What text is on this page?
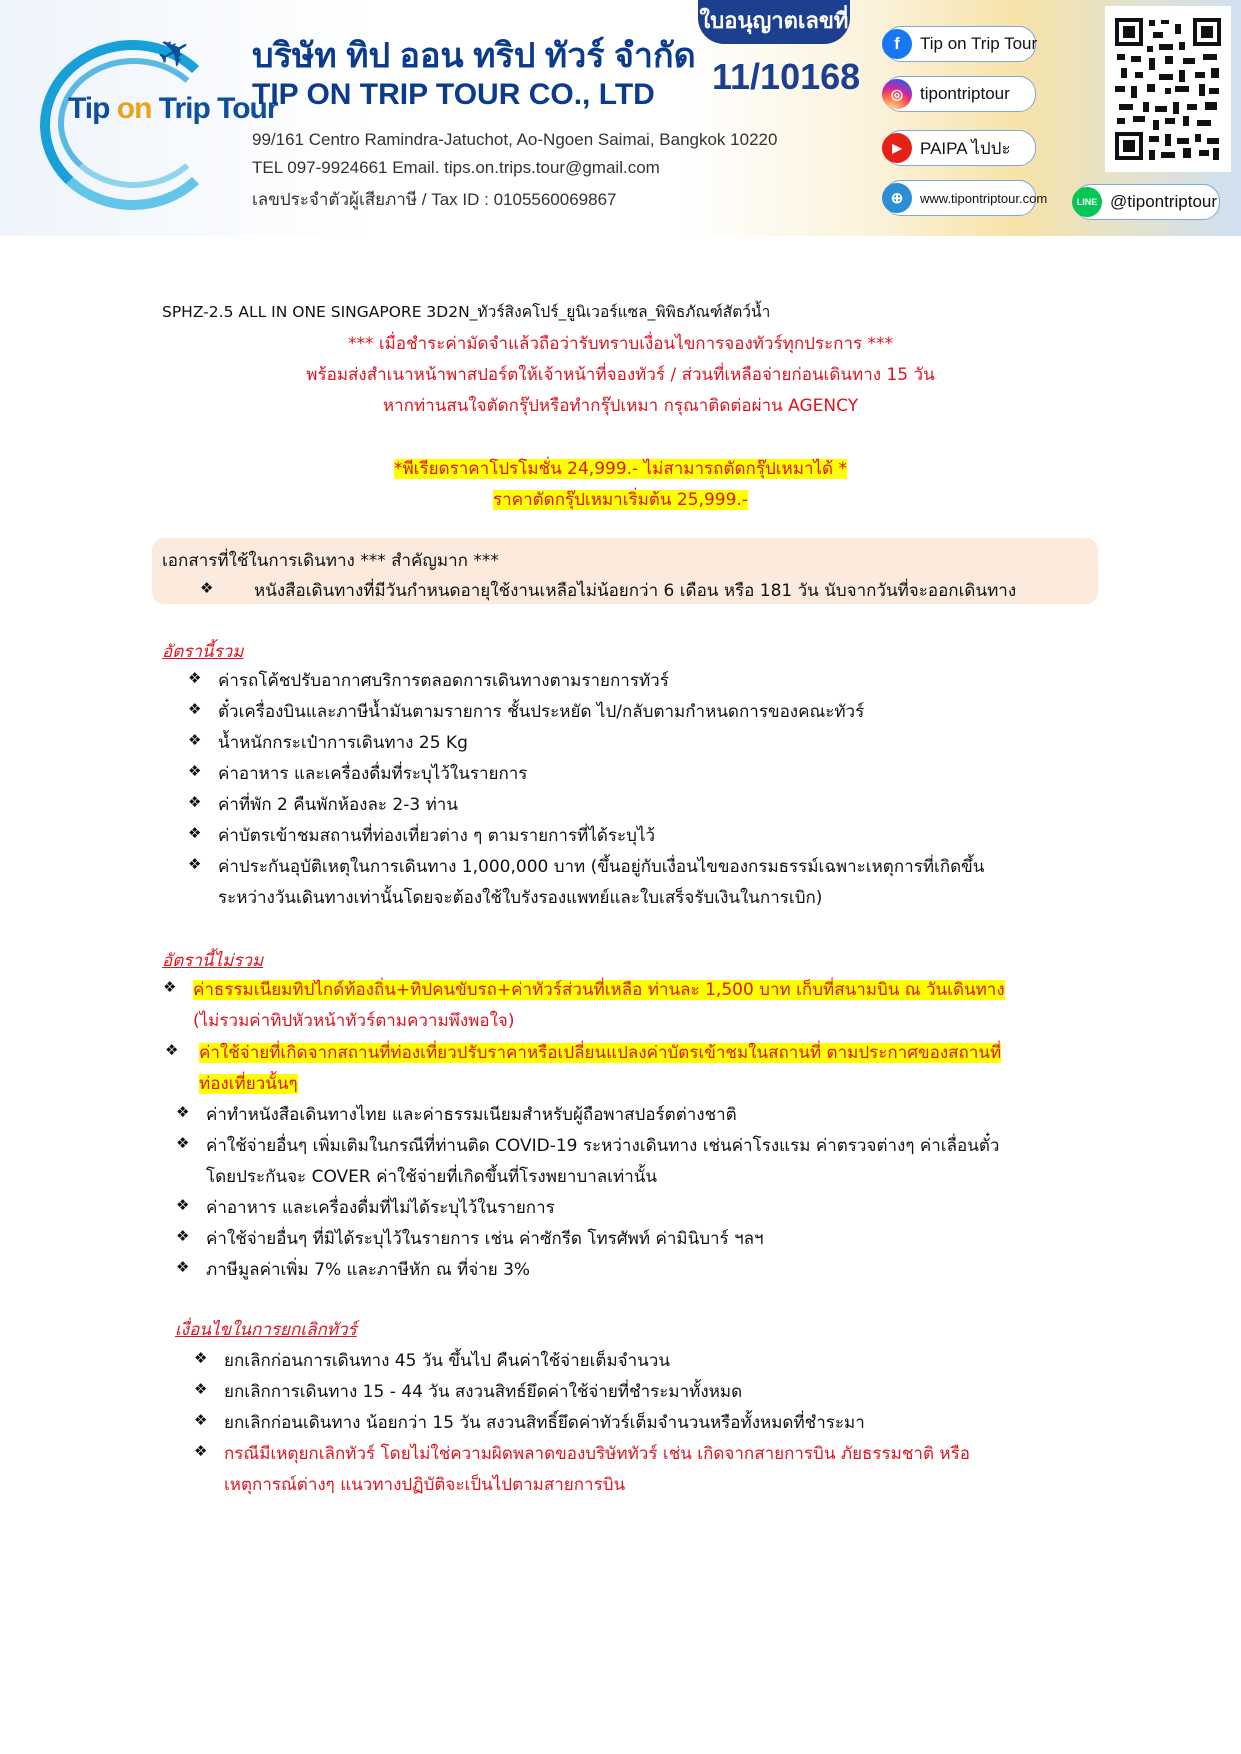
✈
Tip on Trip Tour
บริษัท ทิป ออน ทริป ทัวร์ จำกัด
TIP ON TRIP TOUR CO., LTD
99/161 Centro Ramindra-Jatuchot, Ao-Ngoen Saimai, Bangkok 10220
TEL 097-9924661 Email. tips.on.trips.tour@gmail.com
เลขประจำตัวผู้เสียภาษี / Tax ID : 0105560069867
ใบอนุญาตเลขที่
11/10168
f	Tip on Trip Tour
◎ tipontriptour
▶	PAIPA ไปปะ
⊕	www.tipontriptour.com	LINE @tipontriptour
SPHZ-2.5 ALL IN ONE SINGAPORE 3D2N_ทัวร์สิงคโปร์_ยูนิเวอร์แซล_พิพิธภัณฑ์สัตว์น้ำ
*** เมื่อชำระค่ามัดจำแล้วถือว่ารับทราบเงื่อนไขการจองทัวร์ทุกประการ ***
พร้อมส่งสำเนาหน้าพาสปอร์ตให้เจ้าหน้าที่จองทัวร์ / ส่วนที่เหลือจ่ายก่อนเดินทาง 15 วัน
หากท่านสนใจตัดกรุ๊ปหรือทำกรุ๊ปเหมา กรุณาติดต่อผ่าน AGENCY
*พีเรียดราคาโปรโมชั่น 24,999.- ไม่สามารถตัดกรุ๊ปเหมาได้ *
ราคาตัดกรุ๊ปเหมาเริ่มต้น 25,999.-
เอกสารที่ใช้ในการเดินทาง *** สำคัญมาก ***
❖ หนังสือเดินทางที่มีวันกำหนดอายุใช้งานเหลือไม่น้อยกว่า 6 เดือน หรือ 181 วัน นับจากวันที่จะออกเดินทาง
อัตรานี้รวม
❖ ค่ารถโค้ชปรับอากาศบริการตลอดการเดินทางตามรายการทัวร์
❖ ตั๋วเครื่องบินและภาษีน้ำมันตามรายการ ชั้นประหยัด ไป/กลับตามกำหนดการของคณะทัวร์
❖ น้ำหนักกระเป๋าการเดินทาง 25 Kg
❖ ค่าอาหาร และเครื่องดื่มที่ระบุไว้ในรายการ
❖ ค่าที่พัก 2 คืนพักห้องละ 2-3 ท่าน
❖ ค่าบัตรเข้าชมสถานที่ท่องเที่ยวต่าง ๆ ตามรายการที่ได้ระบุไว้
❖ ค่าประกันอุบัติเหตุในการเดินทาง 1,000,000 บาท (ขึ้นอยู่กับเงื่อนไขของกรมธรรม์เฉพาะเหตุการที่เกิดขึ้น
ระหว่างวันเดินทางเท่านั้นโดยจะต้องใช้ใบรังรองแพทย์และใบเสร็จรับเงินในการเบิก)
อัตรานี้ไม่รวม
❖ ค่าธรรมเนียมทิปไกด์ท้องถิ่น+ทิปคนขับรถ+ค่าทัวร์ส่วนที่เหลือ ท่านละ 1,500 บาท เก็บที่สนามบิน ณ วันเดินทาง
(ไม่รวมค่าทิปหัวหน้าทัวร์ตามความพึงพอใจ)
❖ ค่าใช้จ่ายที่เกิดจากสถานที่ท่องเที่ยวปรับราคาหรือเปลี่ยนแปลงค่าบัตรเข้าชมในสถานที่ ตามประกาศของสถานที่
ท่องเที่ยวนั้นๆ
❖ ค่าทำหนังสือเดินทางไทย และค่าธรรมเนียมสำหรับผู้ถือพาสปอร์ตต่างชาติ
❖ ค่าใช้จ่ายอื่นๆ เพิ่มเติมในกรณีที่ท่านติด COVID-19 ระหว่างเดินทาง เช่นค่าโรงแรม ค่าตรวจต่างๆ ค่าเลื่อนตั๋ว
โดยประกันจะ COVER ค่าใช้จ่ายที่เกิดขึ้นที่โรงพยาบาลเท่านั้น
❖ ค่าอาหาร และเครื่องดื่มที่ไม่ได้ระบุไว้ในรายการ
❖ ค่าใช้จ่ายอื่นๆ ที่มิได้ระบุไว้ในรายการ เช่น ค่าซักรีด โทรศัพท์ ค่ามินิบาร์ ฯลฯ
❖ ภาษีมูลค่าเพิ่ม 7% และภาษีหัก ณ ที่จ่าย 3%
เงื่อนไขในการยกเลิกทัวร์
❖ ยกเลิกก่อนการเดินทาง 45 วัน ขึ้นไป คืนค่าใช้จ่ายเต็มจำนวน
❖ ยกเลิกการเดินทาง 15 - 44 วัน สงวนสิทธ์ยึดค่าใช้จ่ายที่ชำระมาทั้งหมด
❖ ยกเลิกก่อนเดินทาง น้อยกว่า 15 วัน สงวนสิทธิ์ยึดค่าทัวร์เต็มจำนวนหรือทั้งหมดที่ชำระมา
❖ กรณีมีเหตุยกเลิกทัวร์ โดยไม่ใช่ความผิดพลาดของบริษัททัวร์ เช่น เกิดจากสายการบิน ภัยธรรมชาติ หรือ
เหตุการณ์ต่างๆ แนวทางปฏิบัติจะเป็นไปตามสายการบิน
